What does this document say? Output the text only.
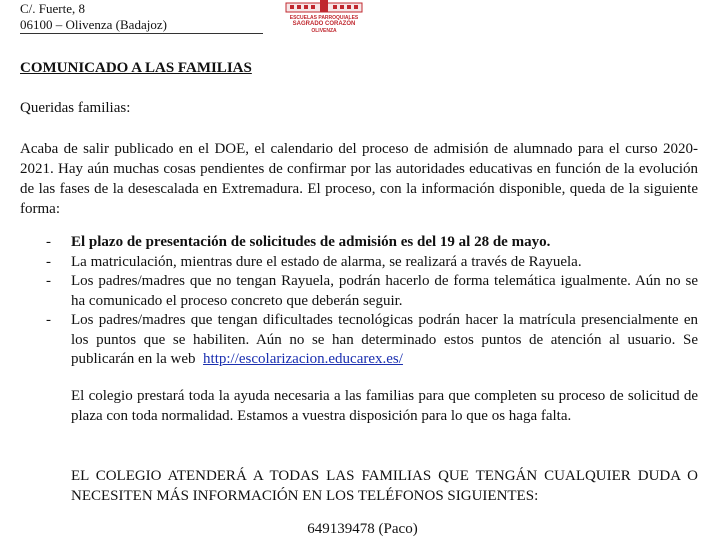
C/. Fuerte, 8
06100 – Olivenza (Badajoz)	ESCUELAS PARROQUIALES
SAGRADO CORAZÓN
OLIVENZA
COMUNICADO A LAS FAMILIAS
Queridas familias:
Acaba de salir publicado en el DOE, el calendario del proceso de admisión de alumnado para el curso 2020-2021. Hay aún muchas cosas pendientes de confirmar por las autoridades educativas en función de la evolución de las fases de la desescalada en Extremadura. El proceso, con la información disponible, queda de la siguiente forma:
- El plazo de presentación de solicitudes de admisión es del 19 al 28 de mayo.
- La matriculación, mientras dure el estado de alarma, se realizará a través de Rayuela.
- Los padres/madres que no tengan Rayuela, podrán hacerlo de forma telemática igualmente. Aún no se ha comunicado el proceso concreto que deberán seguir.
- Los padres/madres que tengan dificultades tecnológicas podrán hacer la matrícula presencialmente en los puntos que se habiliten. Aún no se han determinado estos puntos de atención al usuario. Se publicarán en la web http://escolarizacion.educarex.es/
El colegio prestará toda la ayuda necesaria a las familias para que completen su proceso de solicitud de plaza con toda normalidad. Estamos a vuestra disposición para lo que os haga falta.
EL COLEGIO ATENDERÁ A TODAS LAS FAMILIAS QUE TENGÁN CUALQUIER DUDA O NECESITEN MÁS INFORMACIÓN EN LOS TELÉFONOS SIGUIENTES:
649139478 (Paco)
